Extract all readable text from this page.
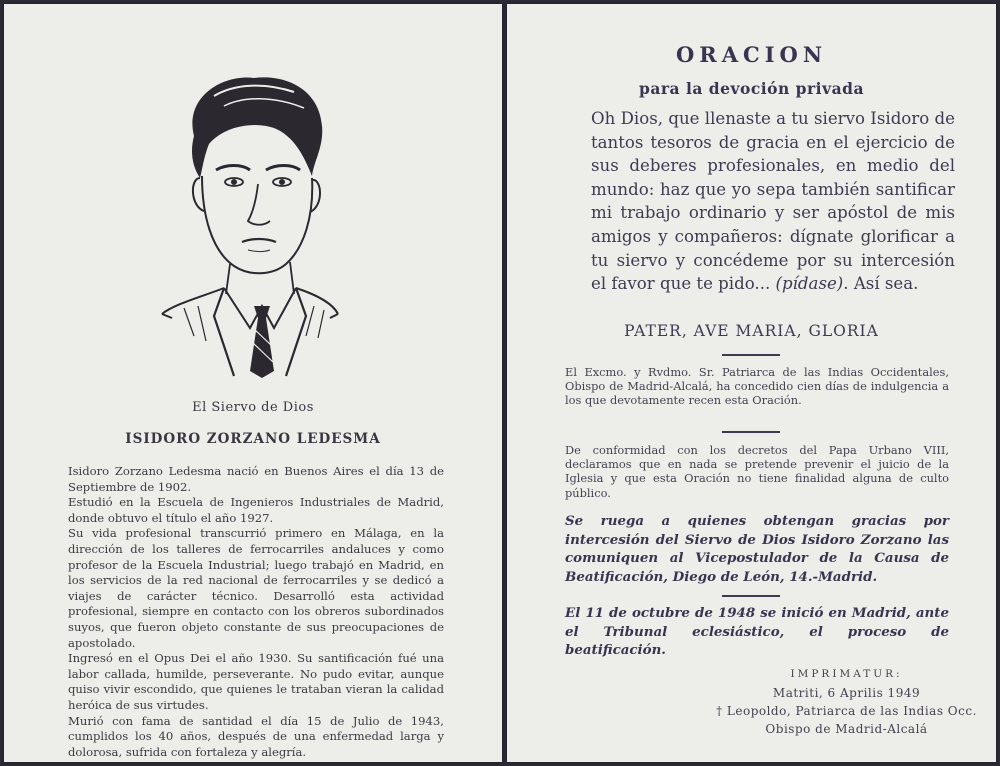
El Siervo de Dios
ISIDORO ZORZANO LEDESMA

Isidoro Zorzano Ledesma nació en Buenos Aires el día 13 de Septiembre de 1902.

Estudió en la Escuela de Ingenieros Industriales de Madrid, donde obtuvo el título el año 1927.

Su vida profesional transcurrió primero en Málaga, en la dirección de los talleres de ferrocarriles andaluces y como profesor de la Escuela Industrial; luego trabajó en Madrid, en los servicios de la red nacional de ferrocarriles y se dedicó a viajes de carácter técnico. Desarrolló esta actividad profesional, siempre en contacto con los obreros subordinados suyos, que fueron objeto constante de sus preocupaciones de apostolado.

Ingresó en el Opus Dei el año 1930. Su santificación fué una labor callada, humilde, perseverante. No pudo evitar, aunque quiso vivir escondido, que quienes le trataban vieran la calidad heróica de sus virtudes.

Murió con fama de santidad el día 15 de Julio de 1943, cumplidos los 40 años, después de una enfermedad larga y dolorosa, sufrida con fortaleza y alegría.

ORACION
para la devoción privada
Oh Dios, que llenaste a tu siervo Isidoro de tantos tesoros de gracia en el ejercicio de sus deberes profesionales, en medio del mundo: haz que yo sepa también santificar mi trabajo ordinario y ser apóstol de mis amigos y compañeros: dígnate glorificar a tu siervo y concédeme por su intercesión el favor que te pido... (pídase). Así sea.
PATER, AVE MARIA, GLORIA
El Excmo. y Rvdmo. Sr. Patriarca de las Indias Occidentales, Obispo de Madrid-Alcalá, ha concedido cien días de indulgencia a los que devotamente recen esta Oración.
De conformidad con los decretos del Papa Urbano VIII, declaramos que en nada se pretende prevenir el juicio de la Iglesia y que esta Oración no tiene finalidad alguna de culto público.
Se ruega a quienes obtengan gracias por intercesión del Siervo de Dios Isidoro Zorzano las comuniquen al Vicepostulador de la Causa de Beatificación, Diego de León, 14.-Madrid.
El 11 de octubre de 1948 se inició en Madrid, ante el Tribunal eclesiástico, el proceso de beatificación.
IMPRIMATUR:
Matriti, 6 Aprilis 1949
† Leopoldo, Patriarca de las Indias Occ.
Obispo de Madrid-Alcalá
